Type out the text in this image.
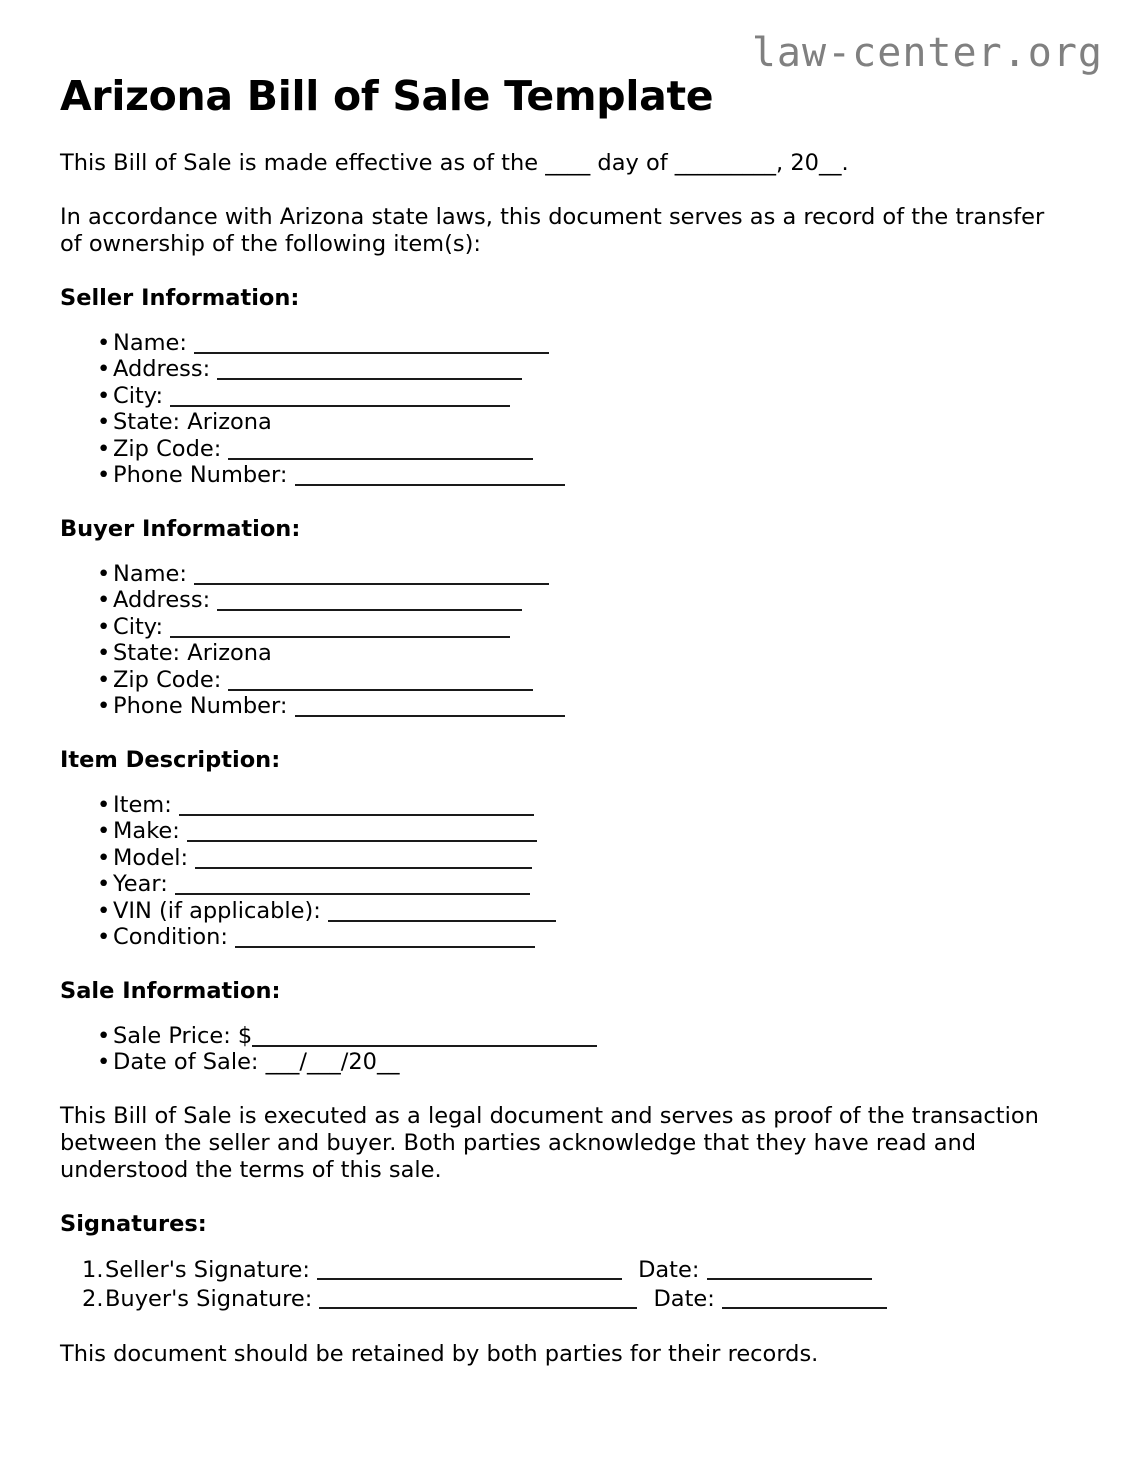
law-center.org
Arizona Bill of Sale Template

This Bill of Sale is made effective as of the ____ day of _________, 20__.

In accordance with Arizona state laws, this document serves as a record of the transfer of ownership of the following item(s):

Seller Information:
• Name:
• Address:
• City:
• State: Arizona
• Zip Code:
• Phone Number:
Buyer Information:
• Name:
• Address:
• City:
• State: Arizona
• Zip Code:
• Phone Number:
Item Description:
• Item:
• Make:
• Model:
• Year:
• VIN (if applicable):
• Condition:
Sale Information:
• Sale Price: $
• Date of Sale: ___/___/20__

This Bill of Sale is executed as a legal document and serves as proof of the transaction between the seller and buyer. Both parties acknowledge that they have read and understood the terms of this sale.

Signatures:
1. Seller's Signature:	Date:
2. Buyer's Signature:	Date:

This document should be retained by both parties for their records.
